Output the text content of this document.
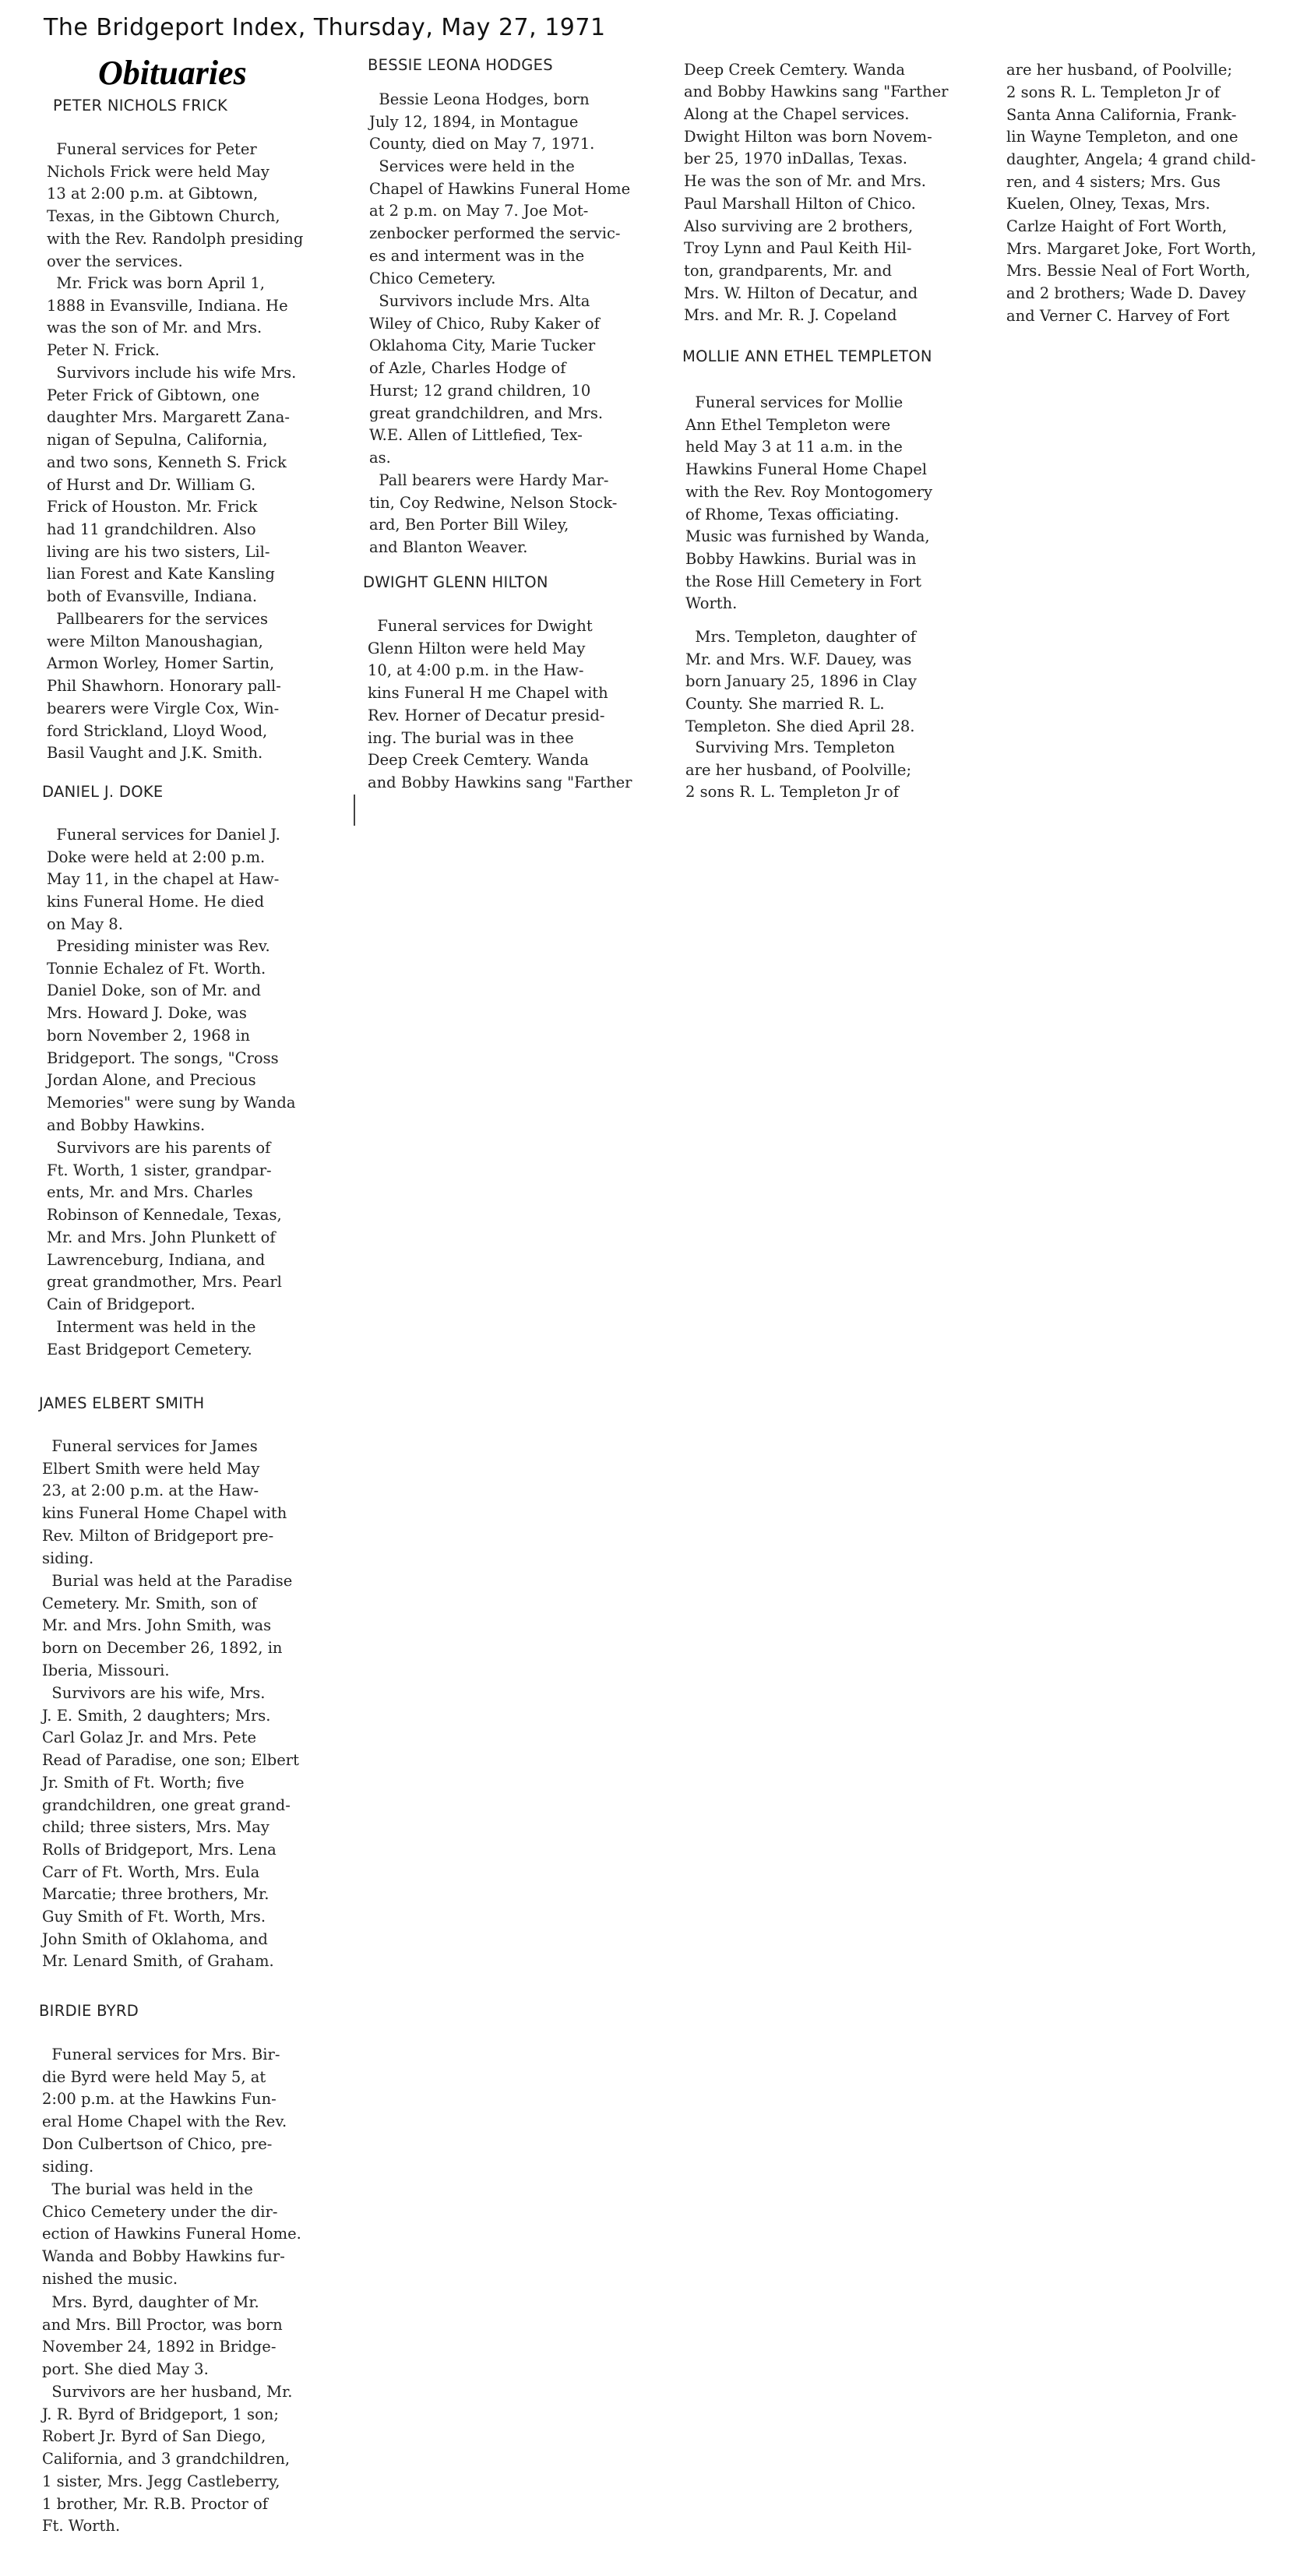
The Bridgeport Index, Thursday, May 27, 1971
Obituaries
PETER NICHOLS FRICK
Funeral services for Peter
Nichols Frick were held May
13 at 2:00 p.m. at Gibtown,
Texas, in the Gibtown Church,
with the Rev. Randolph presiding
over the services.
Mr. Frick was born April 1,
1888 in Evansville, Indiana. He
was the son of Mr. and Mrs.
Peter N. Frick.
Survivors include his wife Mrs.
Peter Frick of Gibtown, one
daughter Mrs. Margarett Zana-
nigan of Sepulna, California,
and two sons, Kenneth S. Frick
of Hurst and Dr. William G.
Frick of Houston. Mr. Frick
had 11 grandchildren. Also
living are his two sisters, Lil-
lian Forest and Kate Kansling
both of Evansville, Indiana.
Pallbearers for the services
were Milton Manoushagian,
Armon Worley, Homer Sartin,
Phil Shawhorn. Honorary pall-
bearers were Virgle Cox, Win-
ford Strickland, Lloyd Wood,
Basil Vaught and J.K. Smith.
DANIEL J. DOKE
Funeral services for Daniel J.
Doke were held at 2:00 p.m.
May 11, in the chapel at Haw-
kins Funeral Home. He died
on May 8.
Presiding minister was Rev.
Tonnie Echalez of Ft. Worth.
Daniel Doke, son of Mr. and
Mrs. Howard J. Doke, was
born November 2, 1968 in
Bridgeport. The songs, "Cross
Jordan Alone, and Precious
Memories" were sung by Wanda
and Bobby Hawkins.
Survivors are his parents of
Ft. Worth, 1 sister, grandpar-
ents, Mr. and Mrs. Charles
Robinson of Kennedale, Texas,
Mr. and Mrs. John Plunkett of
Lawrenceburg, Indiana, and
great grandmother, Mrs. Pearl
Cain of Bridgeport.
Interment was held in the
East Bridgeport Cemetery.
JAMES ELBERT SMITH
Funeral services for James
Elbert Smith were held May
23, at 2:00 p.m. at the Haw-
kins Funeral Home Chapel with
Rev. Milton of Bridgeport pre-
siding.
Burial was held at the Paradise
Cemetery. Mr. Smith, son of
Mr. and Mrs. John Smith, was
born on December 26, 1892, in
Iberia, Missouri.
Survivors are his wife, Mrs.
J. E. Smith, 2 daughters; Mrs.
Carl Golaz Jr. and Mrs. Pete
Read of Paradise, one son; Elbert
Jr. Smith of Ft. Worth; five
grandchildren, one great grand-
child; three sisters, Mrs. May
Rolls of Bridgeport, Mrs. Lena
Carr of Ft. Worth, Mrs. Eula
Marcatie; three brothers, Mr.
Guy Smith of Ft. Worth, Mrs.
John Smith of Oklahoma, and
Mr. Lenard Smith, of Graham.
BIRDIE BYRD
Funeral services for Mrs. Bir-
die Byrd were held May 5, at
2:00 p.m. at the Hawkins Fun-
eral Home Chapel with the Rev.
Don Culbertson of Chico, pre-
siding.
The burial was held in the
Chico Cemetery under the dir-
ection of Hawkins Funeral Home.
Wanda and Bobby Hawkins fur-
nished the music.
Mrs. Byrd, daughter of Mr.
and Mrs. Bill Proctor, was born
November 24, 1892 in Bridge-
port. She died May 3.
Survivors are her husband, Mr.
J. R. Byrd of Bridgeport, 1 son;
Robert Jr. Byrd of San Diego,
California, and 3 grandchildren,
1 sister, Mrs. Jegg Castleberry,
1 brother, Mr. R.B. Proctor of
Ft. Worth.
BESSIE LEONA HODGES
Bessie Leona Hodges, born
July 12, 1894, in Montague
County, died on May 7, 1971.
Services were held in the
Chapel of Hawkins Funeral Home
at 2 p.m. on May 7. Joe Mot-
zenbocker performed the servic-
es and interment was in the
Chico Cemetery.
Survivors include Mrs. Alta
Wiley of Chico, Ruby Kaker of
Oklahoma City, Marie Tucker
of Azle, Charles Hodge of
Hurst; 12 grand children, 10
great grandchildren, and Mrs.
W.E. Allen of Littlefied, Tex-
as.
Pall bearers were Hardy Mar-
tin, Coy Redwine, Nelson Stock-
ard, Ben Porter Bill Wiley,
and Blanton Weaver.
DWIGHT GLENN HILTON
Funeral services for Dwight
Glenn Hilton were held May
10, at 4:00 p.m. in the Haw-
kins Funeral H me Chapel with
Rev. Horner of Decatur presid-
ing. The burial was in thee
Deep Creek Cemtery. Wanda
and Bobby Hawkins sang "Farther

Deep Creek Cemtery. Wanda
and Bobby Hawkins sang "Farther
Along at the Chapel services.
Dwight Hilton was born Novem-
ber 25, 1970 inDallas, Texas.
He was the son of Mr. and Mrs.
Paul Marshall Hilton of Chico.
Also surviving are 2 brothers,
Troy Lynn and Paul Keith Hil-
ton, grandparents, Mr. and
Mrs. W. Hilton of Decatur, and
Mrs. and Mr. R. J. Copeland

MOLLIE ANN ETHEL TEMPLETON
Funeral services for Mollie
Ann Ethel Templeton were
held May 3 at 11 a.m. in the
Hawkins Funeral Home Chapel
with the Rev. Roy Montogomery
of Rhome, Texas officiating.
Music was furnished by Wanda,
Bobby Hawkins. Burial was in
the Rose Hill Cemetery in Fort
Worth.
Mrs. Templeton, daughter of
Mr. and Mrs. W.F. Dauey, was
born January 25, 1896 in Clay
County. She married R. L.
Templeton. She died April 28.
Surviving Mrs. Templeton
are her husband, of Poolville;
2 sons R. L. Templeton Jr of

are her husband, of Poolville;
2 sons R. L. Templeton Jr of
Santa Anna California, Frank-
lin Wayne Templeton, and one
daughter, Angela; 4 grand child-
ren, and 4 sisters; Mrs. Gus
Kuelen, Olney, Texas, Mrs.
Carlze Haight of Fort Worth,
Mrs. Margaret Joke, Fort Worth,
Mrs. Bessie Neal of Fort Worth,
and 2 brothers; Wade D. Davey
and Verner C. Harvey of Fort
